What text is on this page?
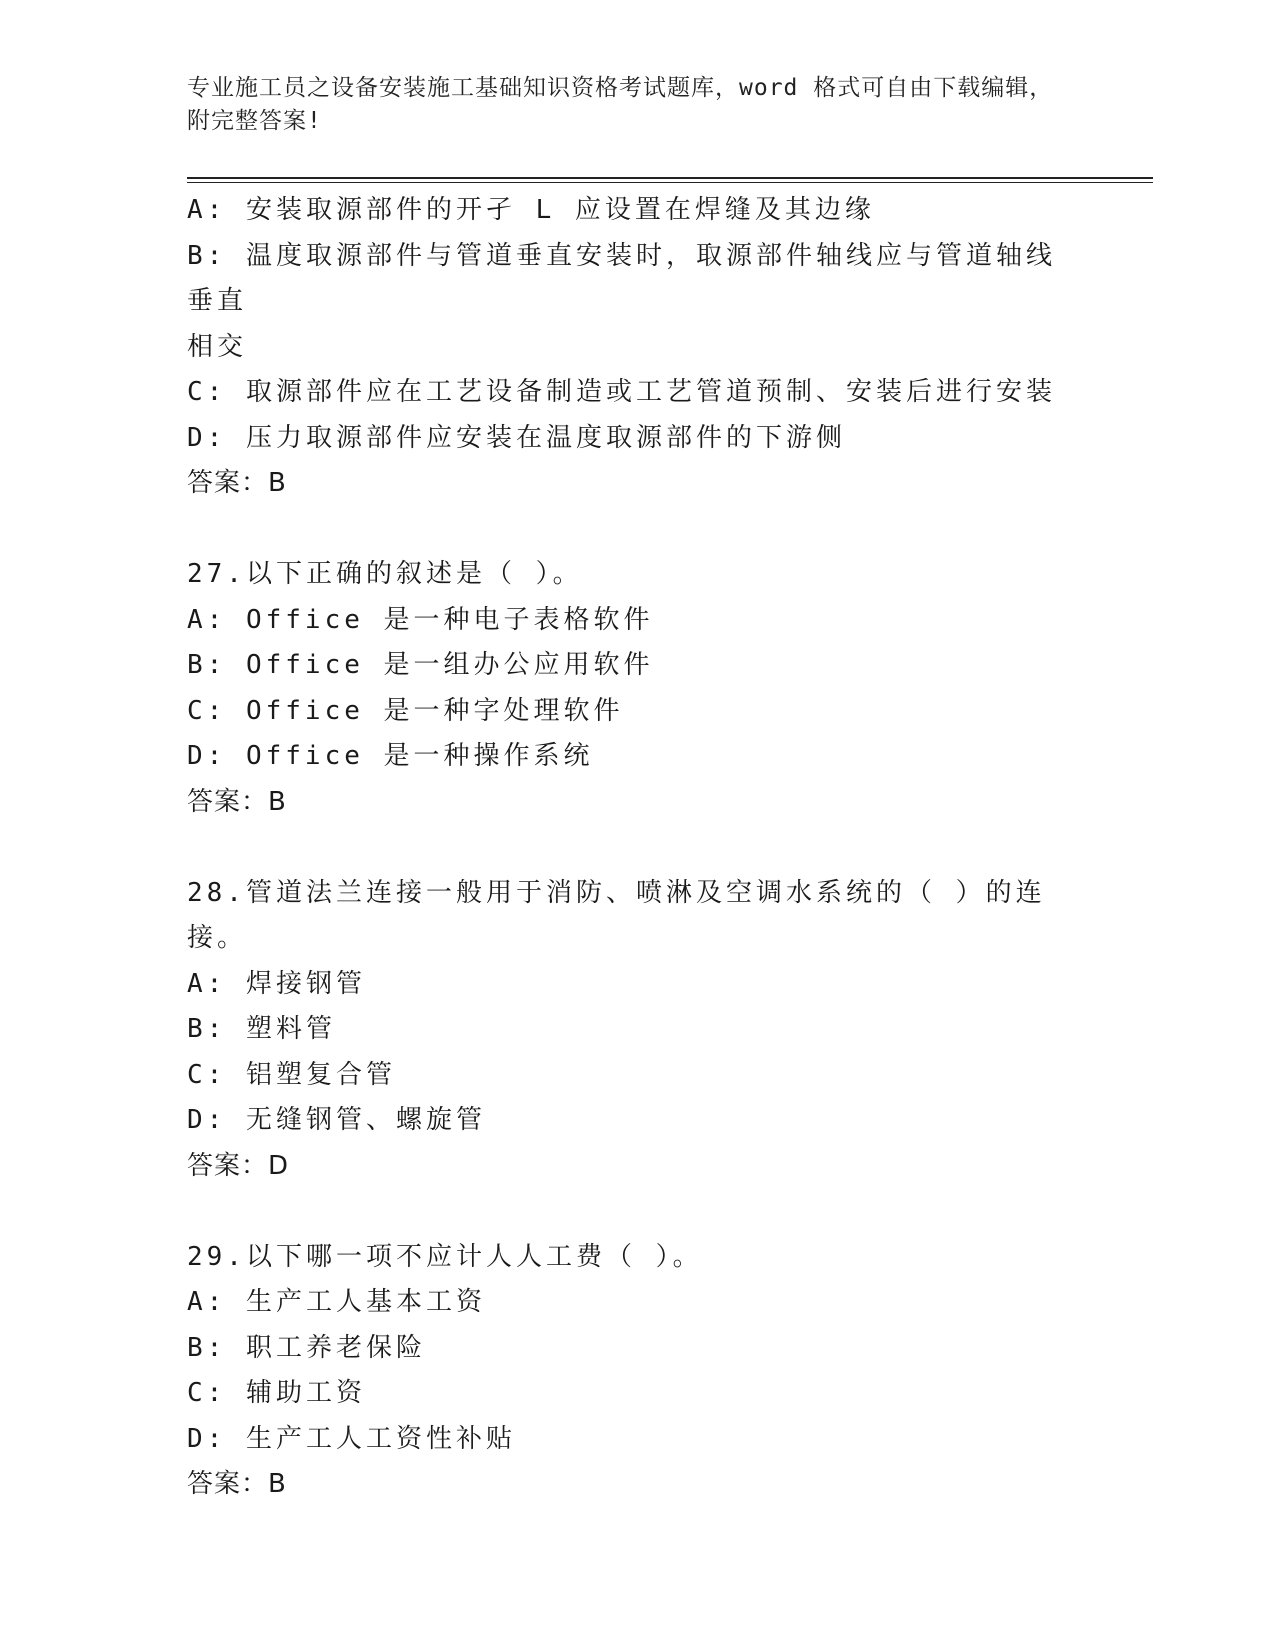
专业施工员之设备安装施工基础知识资格考试题库，word 格式可自由下载编辑，
附完整答案!
A: 安装取源部件的开孑 L 应设置在焊缝及其边缘
B: 温度取源部件与管道垂直安装时，取源部件轴线应与管道轴线垂直
相交
C: 取源部件应在工艺设备制造或工艺管道预制、安装后进行安装
D: 压力取源部件应安装在温度取源部件的下游侧
答案：B
27.以下正确的叙述是（ ）。
A: Office 是一种电子表格软件
B: Office 是一组办公应用软件
C: Office 是一种字处理软件
D: Office 是一种操作系统
答案：B
28.管道法兰连接一般用于消防、喷淋及空调水系统的（ ）的连接。
A: 焊接钢管
B: 塑料管
C: 铝塑复合管
D: 无缝钢管、螺旋管
答案：D
29.以下哪一项不应计人人工费（ ）。
A: 生产工人基本工资
B: 职工养老保险
C: 辅助工资
D: 生产工人工资性补贴
答案：B
